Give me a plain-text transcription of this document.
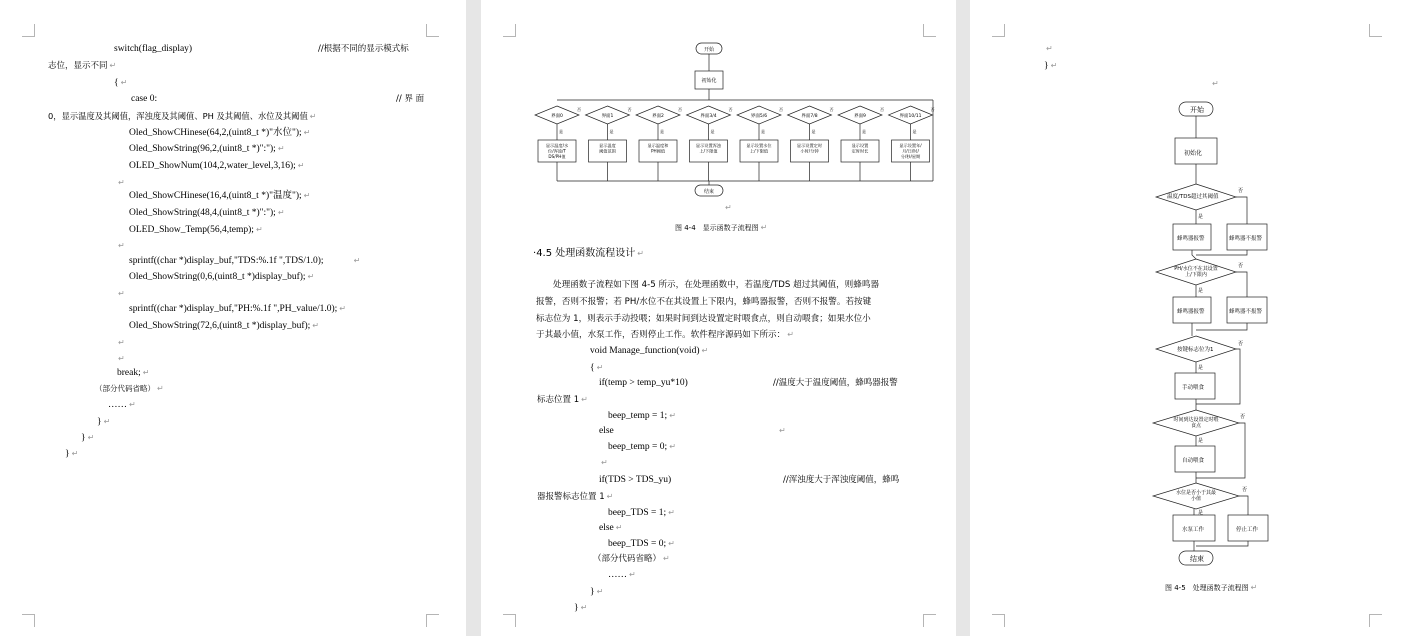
switch(flag_display)	//根据不同的显示模式标
志位，显示不同 ↵
{ ↵
case 0:	// 界 面
0，显示温度及其阈值，浑浊度及其阈值、PH 及其阈值、水位及其阈值 ↵
Oled_ShowCHinese(64,2,(uint8_t *)"水位"); ↵
Oled_ShowString(96,2,(uint8_t *)":"); ↵
OLED_ShowNum(104,2,water_level,3,16); ↵
↵
Oled_ShowCHinese(16,4,(uint8_t *)"温度"); ↵
Oled_ShowString(48,4,(uint8_t *)":"); ↵
OLED_Show_Temp(56,4,temp); ↵
↵
sprintf((char *)display_buf,"TDS:%.1f ",TDS/1.0);	↵
Oled_ShowString(0,6,(uint8_t *)display_buf); ↵
↵
sprintf((char *)display_buf,"PH:%.1f ",PH_value/1.0); ↵
Oled_ShowString(72,6,(uint8_t *)display_buf); ↵
↵
↵
break; ↵
（部分代码省略） ↵
…… ↵
} ↵
} ↵
} ↵
界面0
是
否
显示温度/水
位/浑浊/T
DS/PH值
界面1
是
否
显示温度
阈值范围
界面2
是
否
显示温度和
PH阈值
界面3/4
是
否
显示设置浑浊
上/下限值
界面5/6
是
否
显示设置水位
上/下限值
界面7/8
是
否
显示设置定时
小时/分钟
界面9
是
否
显示设置
定时时长
界面10/11
是
否
显示设置年/
月/日/时/
分/秒/星期
开始
初始化
结束
图 4-4　显示函数子流程图 ↵
↵
·4.5 处理函数流程设计 ↵
处理函数子流程如下图 4-5 所示，在处理函数中，若温度/TDS 超过其阈值，则蜂鸣器
报警，否则不报警；若 PH/水位不在其设置上下限内，蜂鸣器报警，否则不报警。若按键
标志位为 1，则表示手动投喂；如果时间到达设置定时喂食点，则自动喂食；如果水位小
于其最小值，水泵工作，否则停止工作。软件程序源码如下所示： ↵
void Manage_function(void) ↵
{ ↵
if(temp > temp_yu*10)	//温度大于温度阈值，蜂鸣器报警
标志位置 1 ↵
beep_temp = 1; ↵
else	↵
beep_temp = 0; ↵
↵
if(TDS > TDS_yu)	//浑浊度大于浑浊度阈值，蜂鸣
器报警标志位置 1 ↵
beep_TDS = 1; ↵
else ↵
beep_TDS = 0; ↵
（部分代码省略） ↵
…… ↵
} ↵
} ↵
↵
} ↵
↵
开始
初始化
温度/TDS超过其阈值
蜂鸣器报警	蜂鸣器不报警
PH/水位不在其设置上/下限内
蜂鸣器报警	蜂鸣器不报警
按键标志位为1
手动喂食
时间到达设置定时喂食点
自动喂食
水位是否小于其最小值
水泵工作	停止工作
结束
是
否
是
否
是
否
是
否
是
否
图 4-5　处理函数子流程图 ↵
